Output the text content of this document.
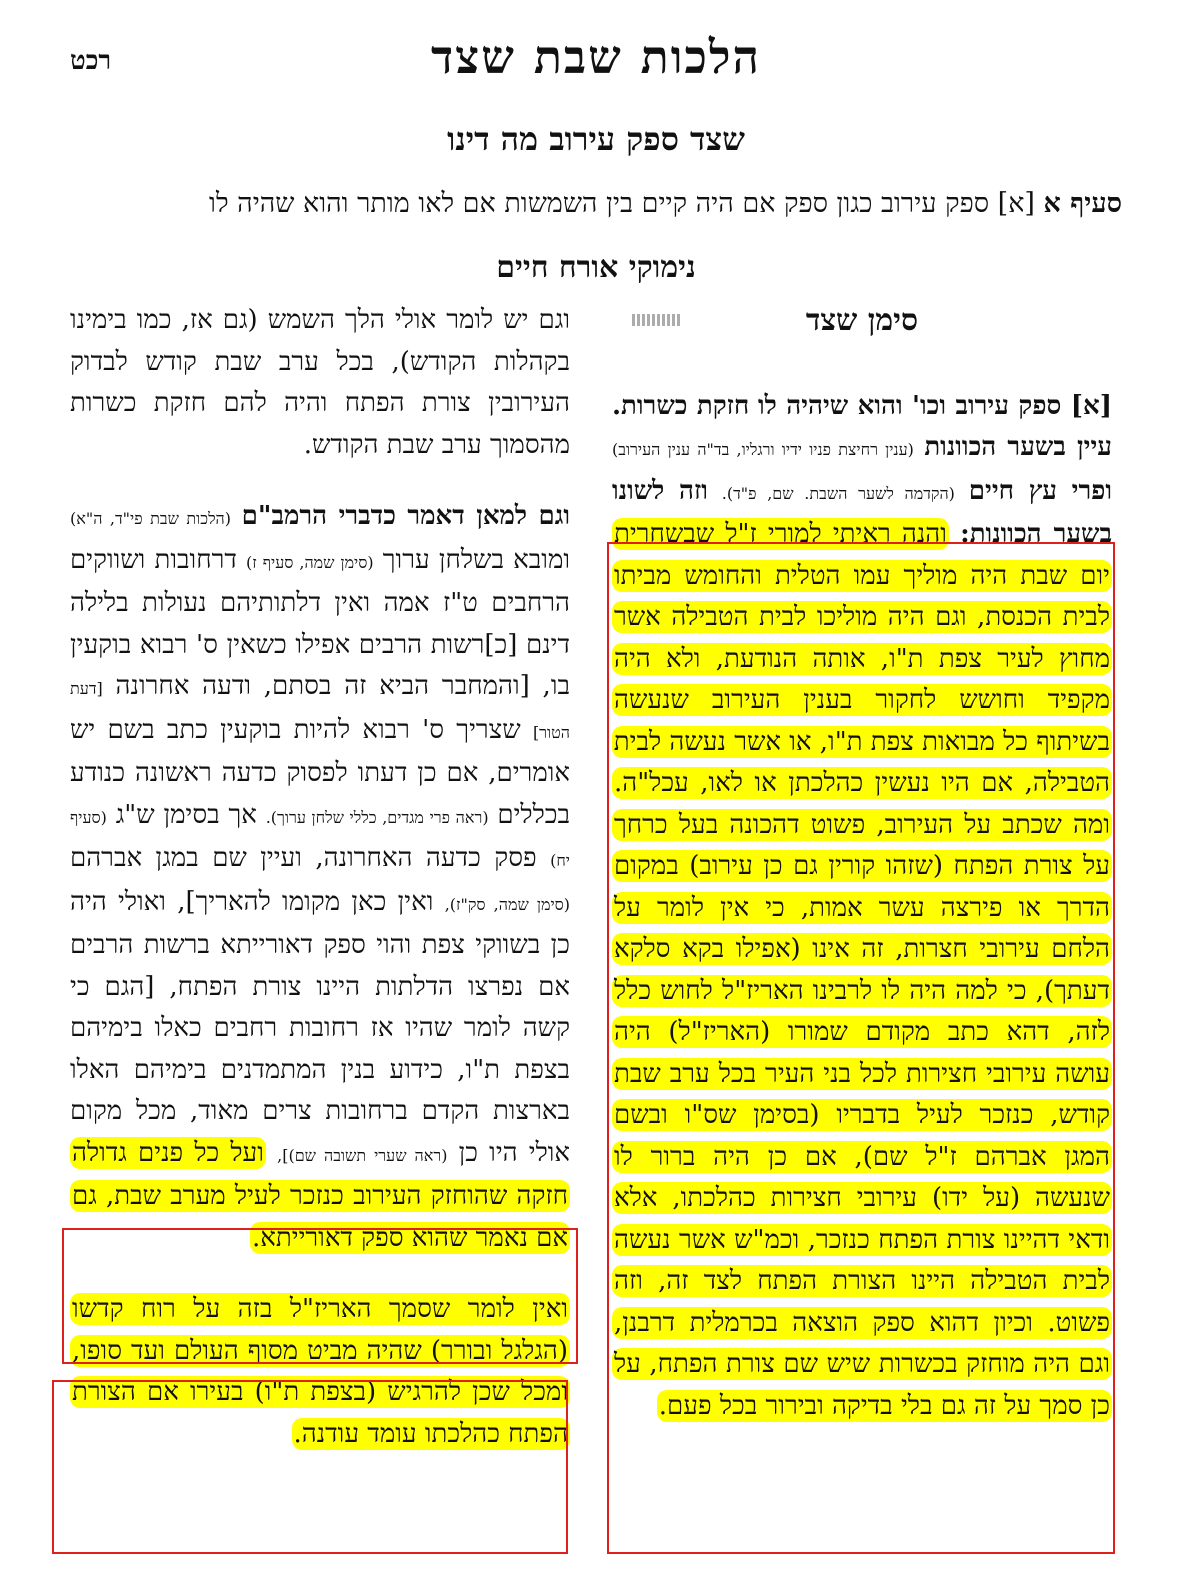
רכט	הלכות שבת שצד
שצד ספק עירוב מה דינו
סעיף א [א] ספק עירוב כגון ספק אם היה קיים בין השמשות אם לאו מותר והוא שהיה לו
נימוקי אורח חיים

סימן שצד

[א] ספק עירוב וכו' והוא שיהיה לו חזקת כשרות. עיין בשער הכוונות (ענין רחיצת פניו ידיו ורגליו, בד"ה ענין העירוב) ופרי עץ חיים (הקדמה לשער השבת. שם, פ"ד). וזה לשונו בשער הכוונות: והנה ראיתי למורי ז"ל שבשחרית יום שבת היה מוליך עמו הטלית והחומש מביתו לבית הכנסת, וגם היה מוליכו לבית הטבילה אשר מחוץ לעיר צפת ת"ו, אותה הנודעת, ולא היה מקפיד וחושש לחקור בענין העירוב שנעשה בשיתוף כל מבואות צפת ת"ו, או אשר נעשה לבית הטבילה, אם היו נעשין כהלכתן או לאו, עכל"ה. ומה שכתב על העירוב, פשוט דהכונה בעל כרחך על צורת הפתח (שזהו קורין גם כן עירוב) במקום הדרך או פירצה עשר אמות, כי אין לומר על הלחם עירובי חצרות, זה אינו (אפילו בקא סלקא דעתך), כי למה היה לו לרבינו האריז"ל לחוש כלל לזה, דהא כתב מקודם שמורו (האריז"ל) היה עושה עירובי חצירות לכל בני העיר בכל ערב שבת קודש, כנזכר לעיל בדבריו (בסימן שס"ו ובשם המגן אברהם ז"ל שם), אם כן היה ברור לו שנעשה (על ידו) עירובי חצירות כהלכתו, אלא ודאי דהיינו צורת הפתח כנזכר, וכמ"ש אשר נעשה לבית הטבילה היינו הצורת הפתח לצד זה, וזה פשוט. וכיון דהוא ספק הוצאה בכרמלית דרבנן, וגם היה מוחזק בכשרות שיש שם צורת הפתח, על כן סמך על זה גם בלי בדיקה ובירור בכל פעם.

וגם יש לומר אולי הלך השמש (גם אז, כמו בימינו בקהלות הקודש), בכל ערב שבת קודש לבדוק העירובין צורת הפתח והיה להם חזקת כשרות מהסמוך ערב שבת הקודש.

וגם למאן דאמר כדברי הרמב"ם (הלכות שבת פי"ד, ה"א) ומובא בשלחן ערוך (סימן שמה, סעיף ז) דרחובות ושווקים הרחבים ט"ז אמה ואין דלתותיהם נעולות בלילה דינם [כ]רשות הרבים אפילו כשאין ס' רבוא בוקעין בו, [והמחבר הביא זה בסתם, ודעה אחרונה [דעת הטור] שצריך ס' רבוא להיות בוקעין כתב בשם יש אומרים, אם כן דעתו לפסוק כדעה ראשונה כנודע בכללים (ראה פרי מגדים, כללי שלחן ערוך). אך בסימן ש"ג (סעיף יח) פסק כדעה האחרונה, ועיין שם במגן אברהם (סימן שמה, סק"ז), ואין כאן מקומו להאריך], ואולי היה כן בשווקי צפת והוי ספק דאורייתא ברשות הרבים אם נפרצו הדלתות היינו צורת הפתח, [הגם כי קשה לומר שהיו אז רחובות רחבים כאלו בימיהם בצפת ת"ו, כידוע בנין המתמדנים בימיהם האלו בארצות הקדם ברחובות צרים מאוד, מכל מקום אולי היו כן (ראה שערי תשובה שם)], ועל כל פנים גדולה חזקה שהוחזק העירוב כנזכר לעיל מערב שבת, גם אם נאמר שהוא ספק דאורייתא.

ואין לומר שסמך האריז"ל בזה על רוח קדשו (הגלגל ובורר) שהיה מביט מסוף העולם ועד סופו, ומכל שכן להרגיש (בצפת ת"ו) בעירו אם הצורת הפתח כהלכתו עומד עודנה.
